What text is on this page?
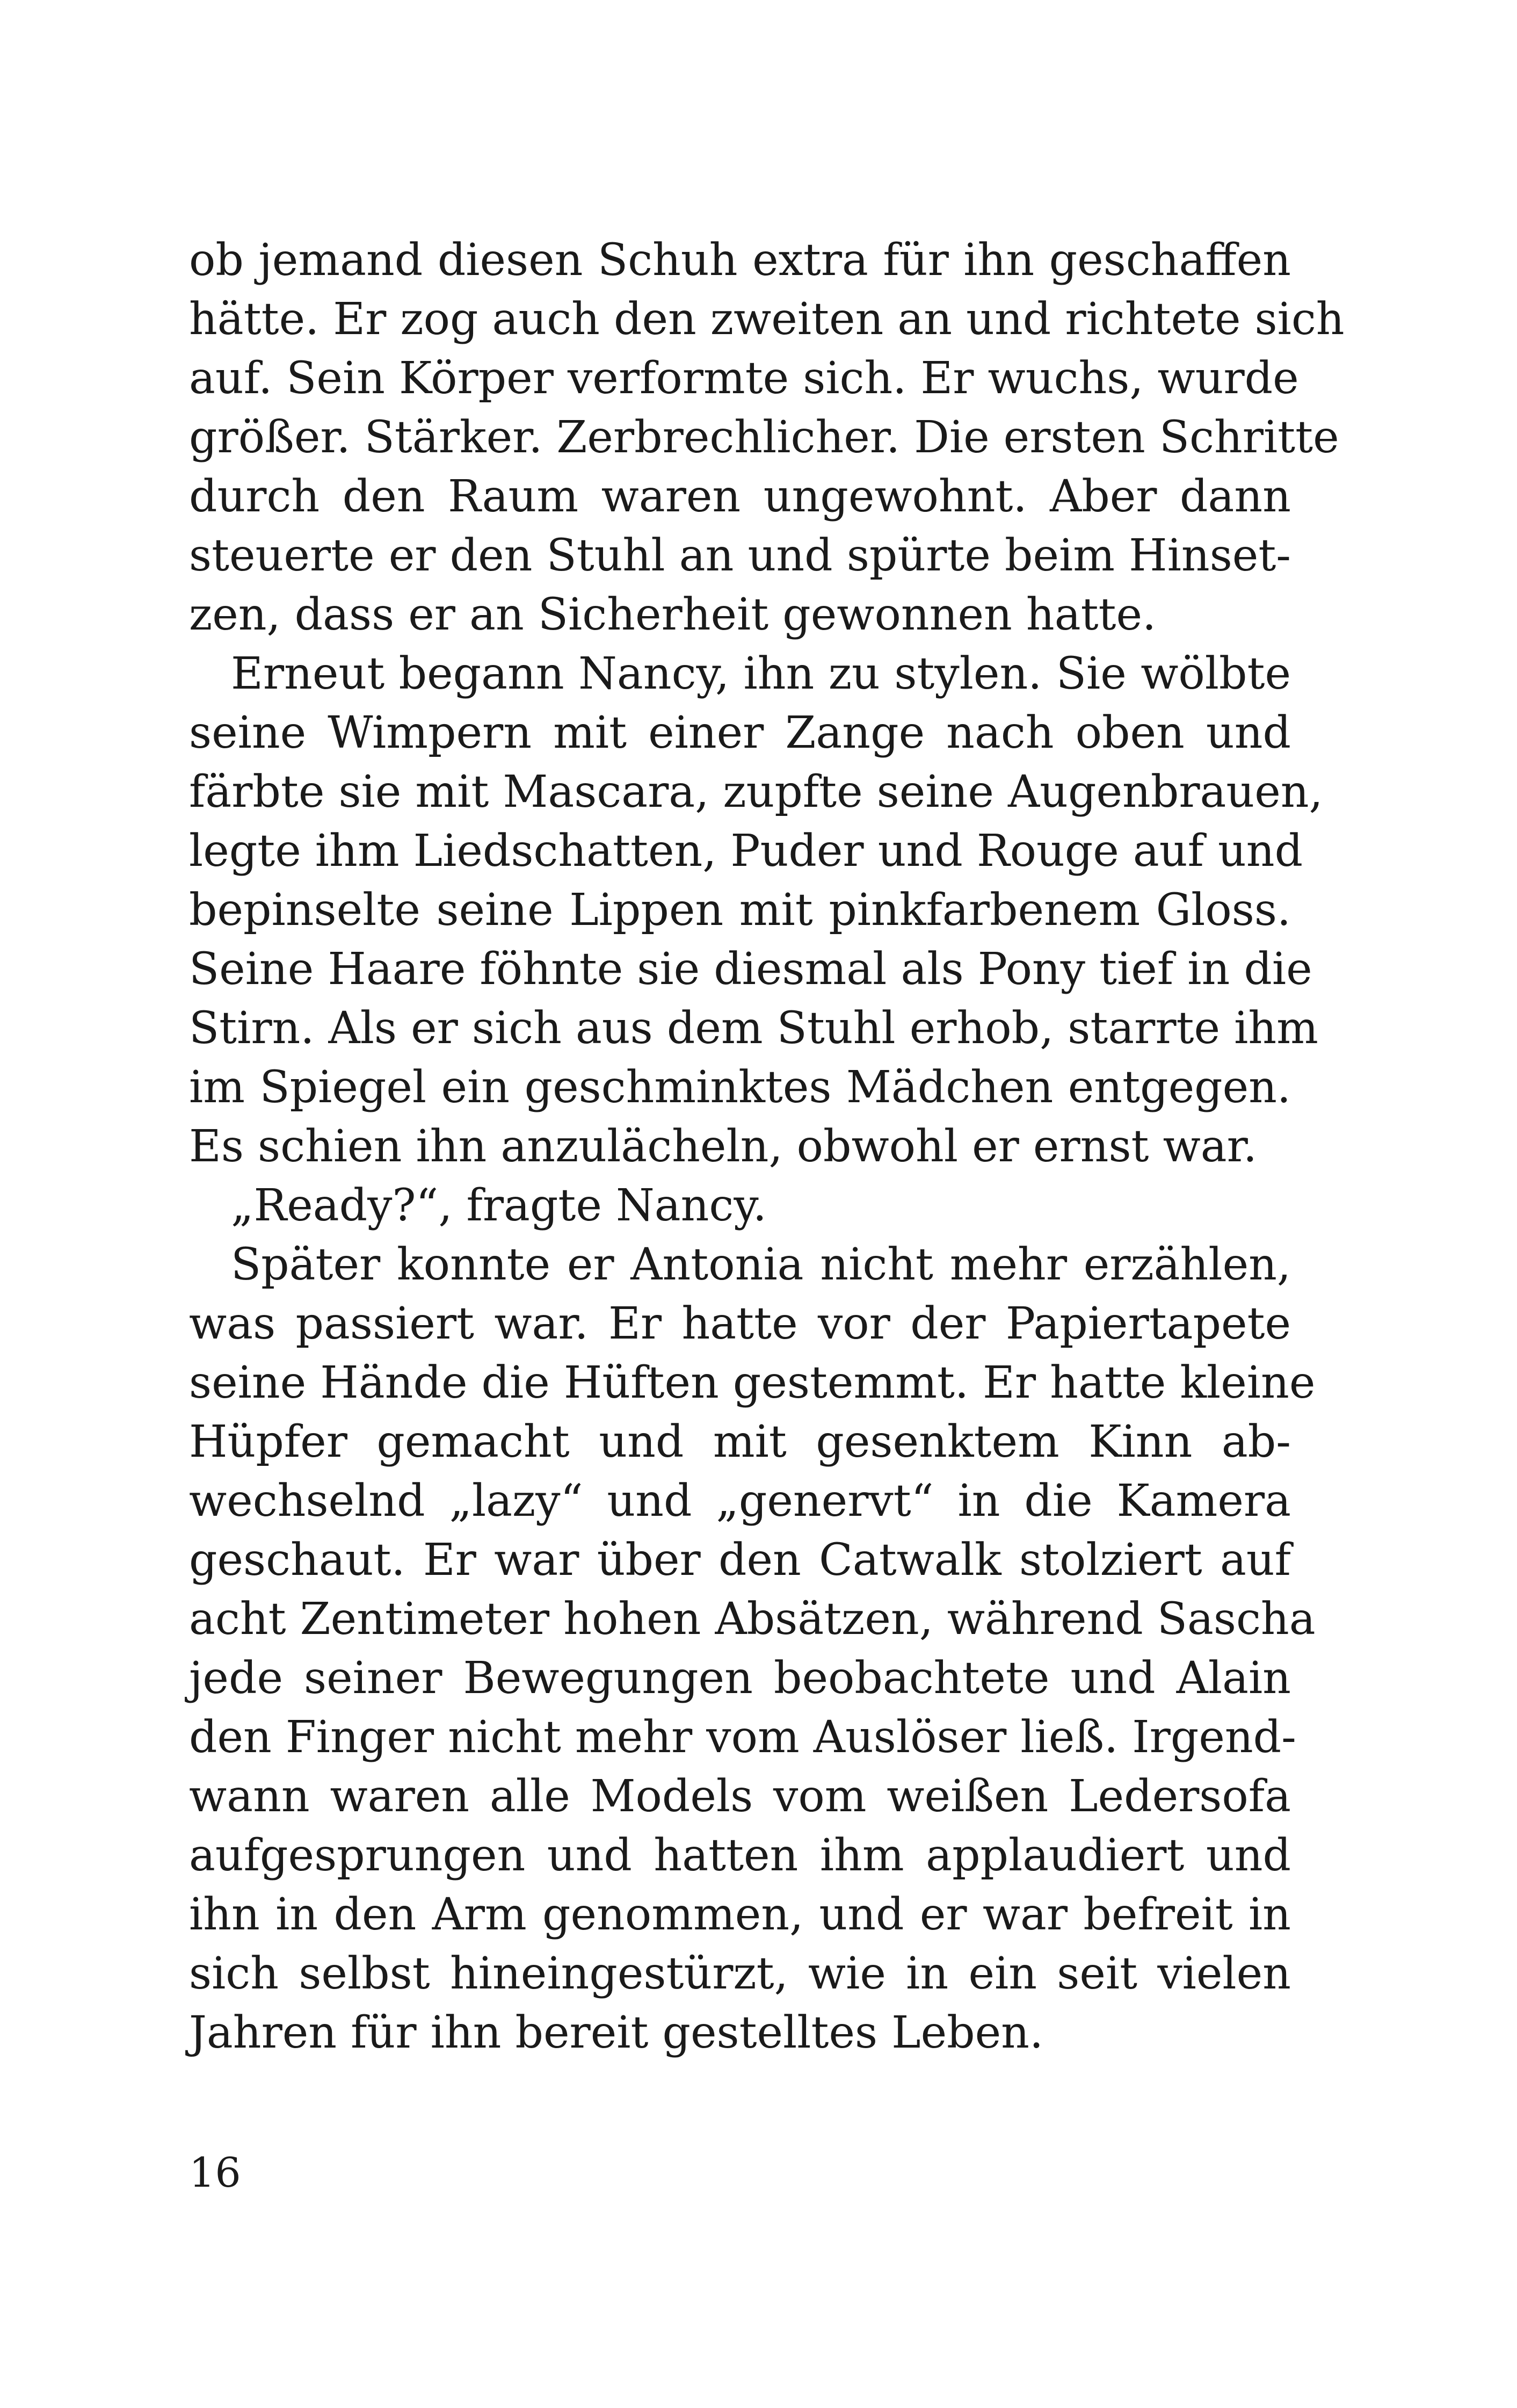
ob jemand diesen Schuh extra für ihn geschaffen
hätte. Er zog auch den zweiten an und richtete sich
auf. Sein Körper verformte sich. Er wuchs, wurde
größer. Stärker. Zerbrechlicher. Die ersten Schritte
durch den Raum waren ungewohnt. Aber dann
steuerte er den Stuhl an und spürte beim Hinset-
zen, dass er an Sicherheit gewonnen hatte.
Erneut begann Nancy, ihn zu stylen. Sie wölbte
seine Wimpern mit einer Zange nach oben und
färbte sie mit Mascara, zupfte seine Augenbrauen,
legte ihm Liedschatten, Puder und Rouge auf und
bepinselte seine Lippen mit pinkfarbenem Gloss.
Seine Haare föhnte sie diesmal als Pony tief in die
Stirn. Als er sich aus dem Stuhl erhob, starrte ihm
im Spiegel ein geschminktes Mädchen entgegen.
Es schien ihn anzulächeln, obwohl er ernst war.
„Ready?“, fragte Nancy.
Später konnte er Antonia nicht mehr erzählen,
was passiert war. Er hatte vor der Papiertapete
seine Hände die Hüften gestemmt. Er hatte kleine
Hüpfer gemacht und mit gesenktem Kinn ab-
wechselnd „lazy“ und „genervt“ in die Kamera
geschaut. Er war über den Catwalk stolziert auf
acht Zentimeter hohen Absätzen, während Sascha
jede seiner Bewegungen beobachtete und Alain
den Finger nicht mehr vom Auslöser ließ. Irgend-
wann waren alle Models vom weißen Ledersofa
aufgesprungen und hatten ihm applaudiert und
ihn in den Arm genommen, und er war befreit in
sich selbst hineingestürzt, wie in ein seit vielen
Jahren für ihn bereit gestelltes Leben.
16
